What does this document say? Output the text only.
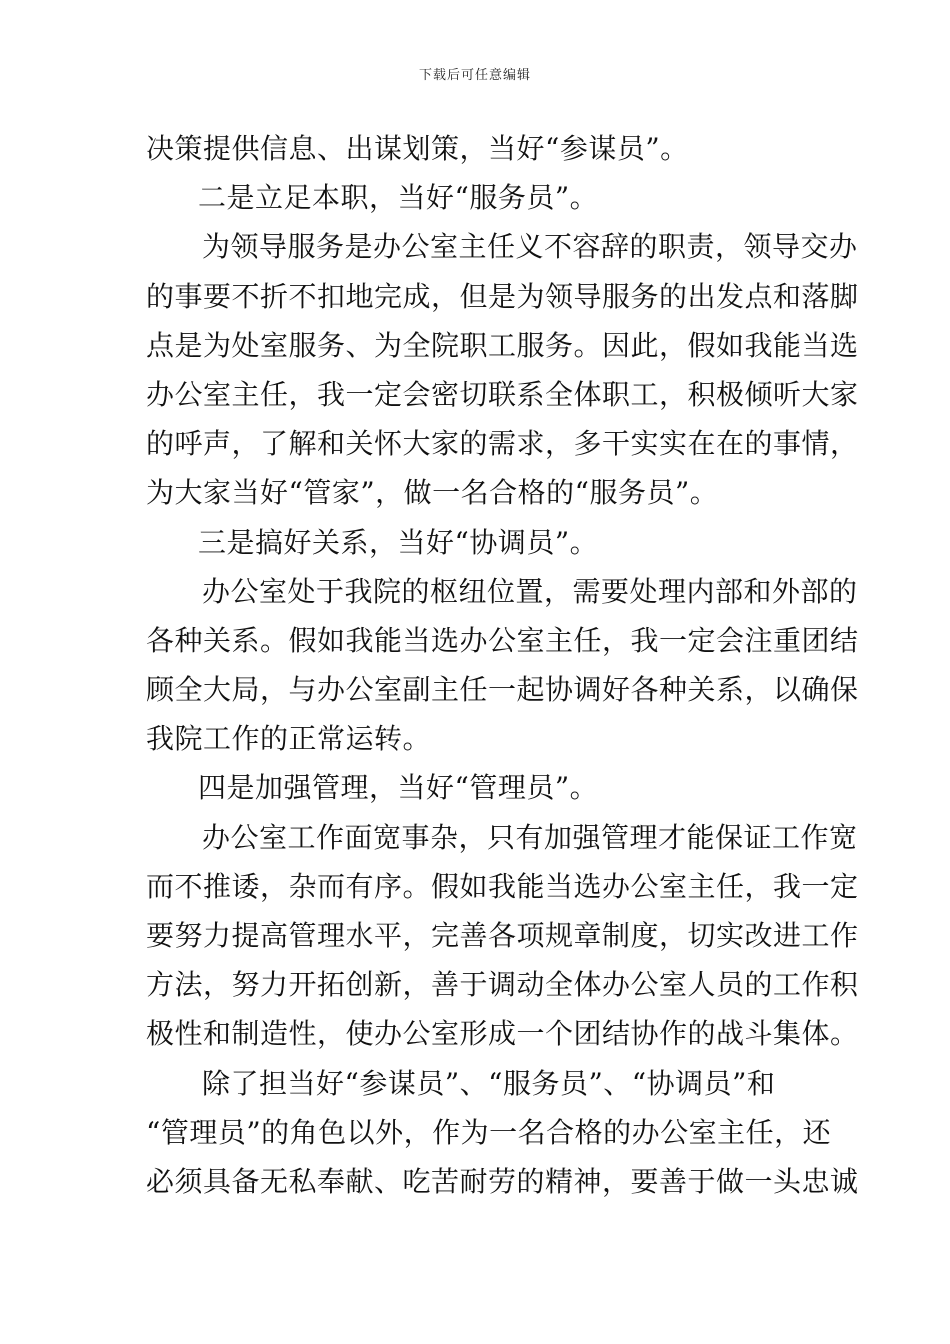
下载后可任意编辑
决策提供信息、出谋划策，当好“参谋员”。
二是立足本职，当好“服务员”。
为领导服务是办公室主任义不容辞的职责，领导交办
的事要不折不扣地完成，但是为领导服务的出发点和落脚
点是为处室服务、为全院职工服务。因此，假如我能当选
办公室主任，我一定会密切联系全体职工，积极倾听大家
的呼声，了解和关怀大家的需求，多干实实在在的事情，
为大家当好“管家”，做一名合格的“服务员”。
三是搞好关系，当好“协调员”。
办公室处于我院的枢纽位置，需要处理内部和外部的
各种关系。假如我能当选办公室主任，我一定会注重团结
顾全大局，与办公室副主任一起协调好各种关系，以确保
我院工作的正常运转。
四是加强管理，当好“管理员”。
办公室工作面宽事杂，只有加强管理才能保证工作宽
而不推诿，杂而有序。假如我能当选办公室主任，我一定
要努力提高管理水平，完善各项规章制度，切实改进工作
方法，努力开拓创新，善于调动全体办公室人员的工作积
极性和制造性，使办公室形成一个团结协作的战斗集体。
除了担当好“参谋员”、“服务员”、“协调员”和
“管理员”的角色以外，作为一名合格的办公室主任，还
必须具备无私奉献、吃苦耐劳的精神，要善于做一头忠诚
